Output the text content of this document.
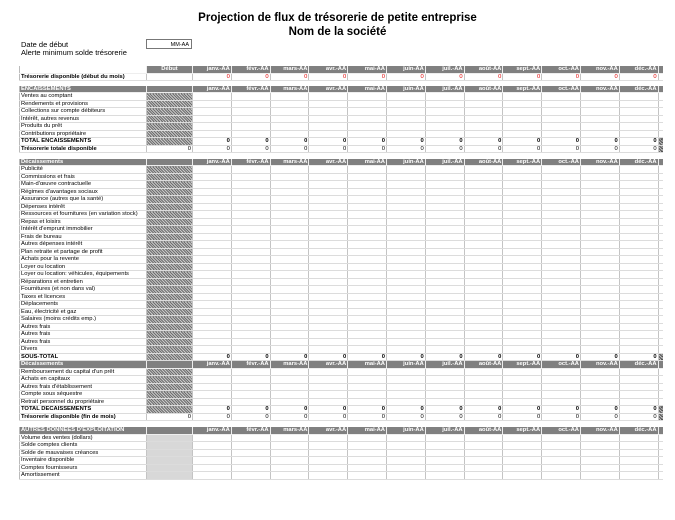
Projection de flux de trésorerie de petite entreprise
Nom de la société
Date de début	MM-AA
Alerte minimum solde trésorerie
	Début	janv.-AA	févr.-AA	mars-AA	avr.-AA	mai-AA	juin-AA	juil.-AA	août-AA	sept.-AA	oct.-AA	nov.-AA	déc.-AA	
Trésorerie disponible (début du mois)		0	0	0	0	0	0	0	0	0	0	0	0	

ENCAISSEMENTS		janv.-AA	févr.-AA	mars-AA	avr.-AA	mai-AA	juin-AA	juil.-AA	août-AA	sept.-AA	oct.-AA	nov.-AA	déc.-AA	
Ventes au comptant														
Rendements et provisions														
Collections sur compte débiteurs														
Intérêt, autres revenus														
Produits du prêt														
Contributions propriétaire														
TOTAL ENCAISSEMENTS		0	0	0	0	0	0	0	0	0	0	0	0	
Trésorerie totale disponible	0	0	0	0	0	0	0	0	0	0	0	0	0	

Décaissements		janv.-AA	févr.-AA	mars-AA	avr.-AA	mai-AA	juin-AA	juil.-AA	août-AA	sept.-AA	oct.-AA	nov.-AA	déc.-AA	
Publicité														
Commissions et frais														
Main-d'œuvre contractuelle														
Régimes d'avantages sociaux														
Assurance (autres que la santé)														
Dépenses intérêt														
Ressources et fournitures (en variation stock)														
Repas et loisirs														
Intérêt d'emprunt immobilier														
Frais de bureau														
Autres dépenses intérêt														
Plan retraite et partage de profit														
Achats pour la revente														
Loyer ou location														
Loyer ou location: véhicules, équipements														
Réparations et entretien														
Fournitures (et non dans val)														
Taxes et licences														
Déplacements														
Eau, électricité et gaz														
Salaires (moins crédits emp.)														
Autres frais														
Autres frais														
Autres frais														
Divers														
SOUS-TOTAL		0	0	0	0	0	0	0	0	0	0	0	0	
Décaissements		janv.-AA	févr.-AA	mars-AA	avr.-AA	mai-AA	juin-AA	juil.-AA	août-AA	sept.-AA	oct.-AA	nov.-AA	déc.-AA	
Remboursement du capital d'un prêt														
Achats en capitaux														
Autres frais d'établissement														
Compte sous séquestre														
Retrait personnel du propriétaire														
TOTAL DÉCAISSEMENTS		0	0	0	0	0	0	0	0	0	0	0	0	
Trésorerie disponible (fin de mois)	0	0	0	0	0	0	0	0	0	0	0	0	0	

AUTRES DONNÉES D'EXPLOITATION		janv.-AA	févr.-AA	mars-AA	avr.-AA	mai-AA	juin-AA	juil.-AA	août-AA	sept.-AA	oct.-AA	nov.-AA	déc.-AA	
Volume des ventes (dollars)														
Solde comptes clients														
Solde de mauvaises créances														
Inventaire disponible														
Comptes fournisseurs														
Amortissement														
